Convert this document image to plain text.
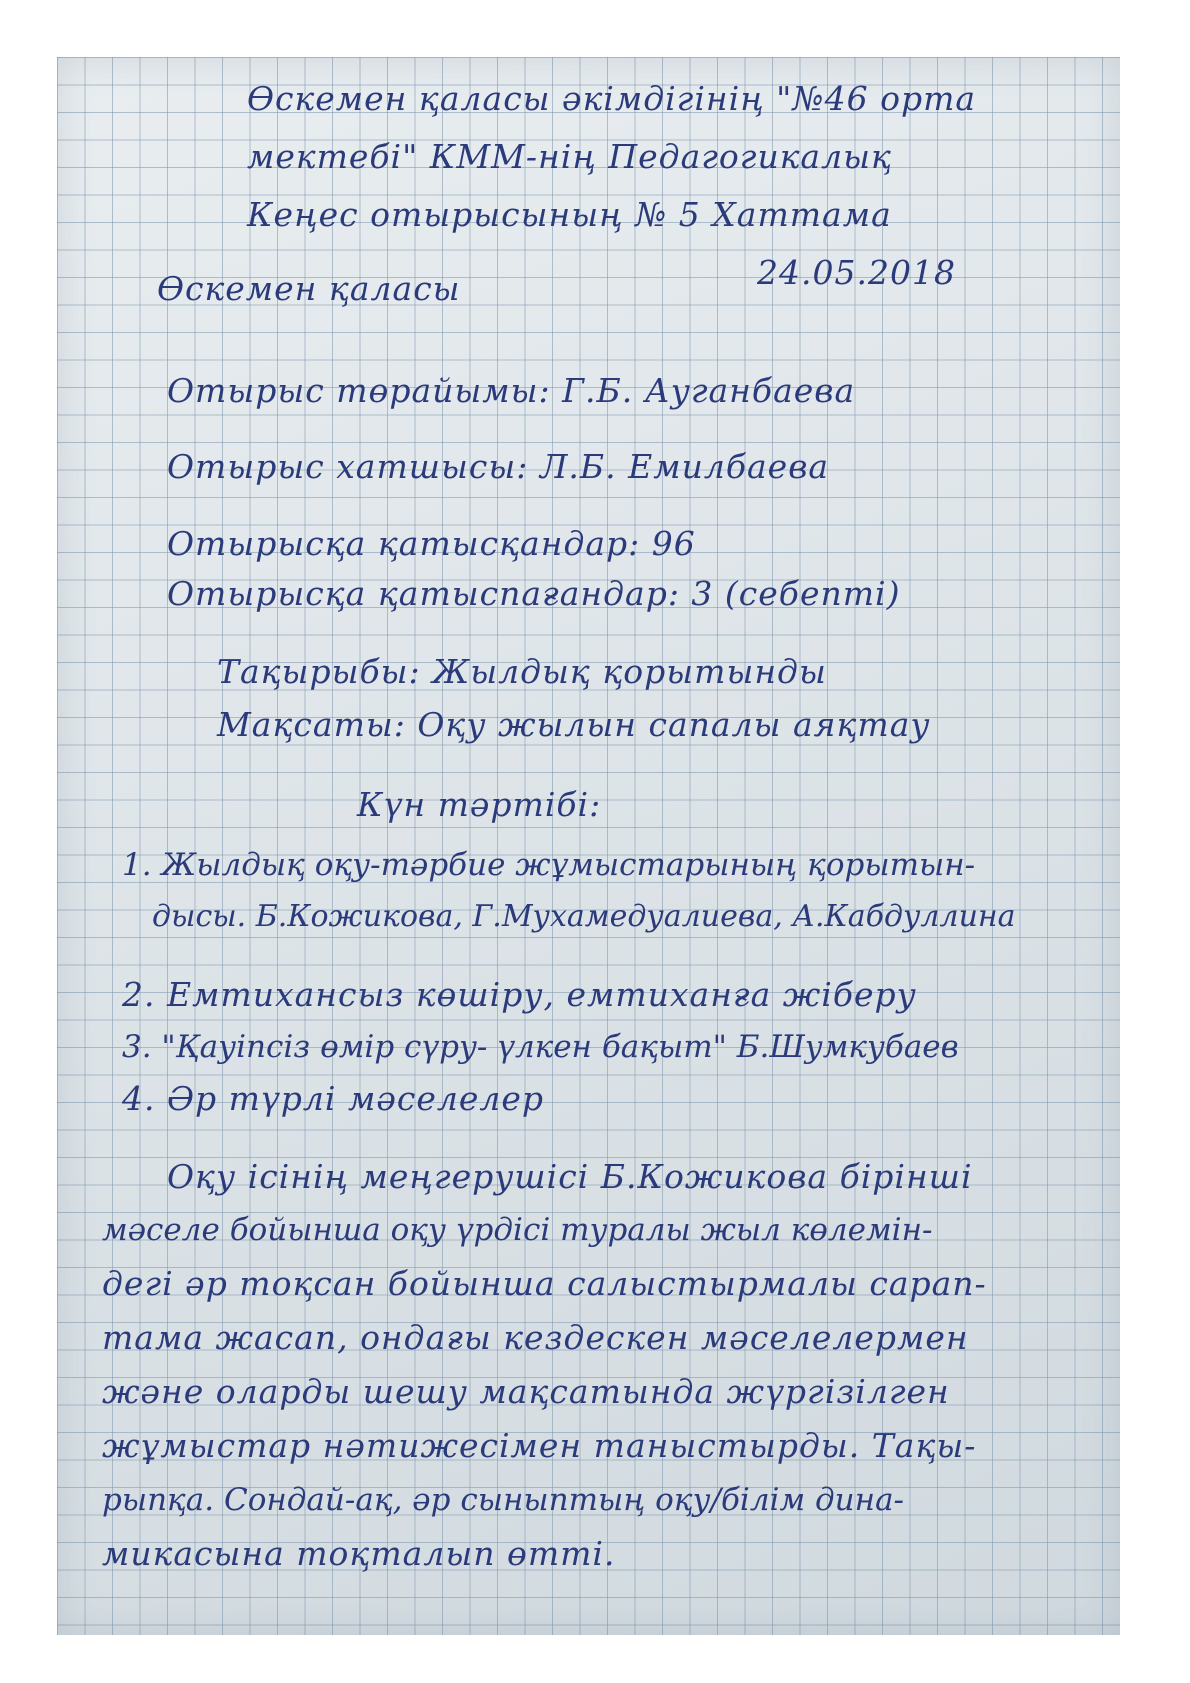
Өскемен қаласы әкімдігінің "№46 орта

мектебі" КММ-нің Педагогикалық

Кеңес отырысының № 5 Хаттама

Өскемен қаласы	24.05.2018

Отырыс төрайымы: Г.Б. Ауганбаева

Отырыс хатшысы: Л.Б. Емилбаева

Отырысқа қатысқандар: 96

Отырысқа қатыспағандар: 3 (себепті)

Тақырыбы: Жылдық қорытынды

Мақсаты: Оқу жылын сапалы аяқтау

Күн тәртібі:

1. Жылдық оқу-тәрбие жұмыстарының қорытын-

дысы. Б.Кожикова, Г.Мухамедуалиева, А.Кабдуллина

2. Емтихансыз көшіру, емтиханға жіберу

3. "Қауіпсіз өмір сүру- үлкен бақыт" Б.Шумкубаев

4. Әр түрлі мәселелер

Оқу ісінің меңгерушісі Б.Кожикова бірінші

мәселе бойынша оқу үрдісі туралы жыл көлемін-

дегі әр тоқсан бойынша салыстырмалы сарап-

тама жасап, ондағы кездескен мәселелермен

және оларды шешу мақсатында жүргізілген

жұмыстар нәтижесімен таныстырды. Тақы-

рыпқа. Сондай-ақ, әр сыныптың оқу/білім дина-

микасына тоқталып өтті.
